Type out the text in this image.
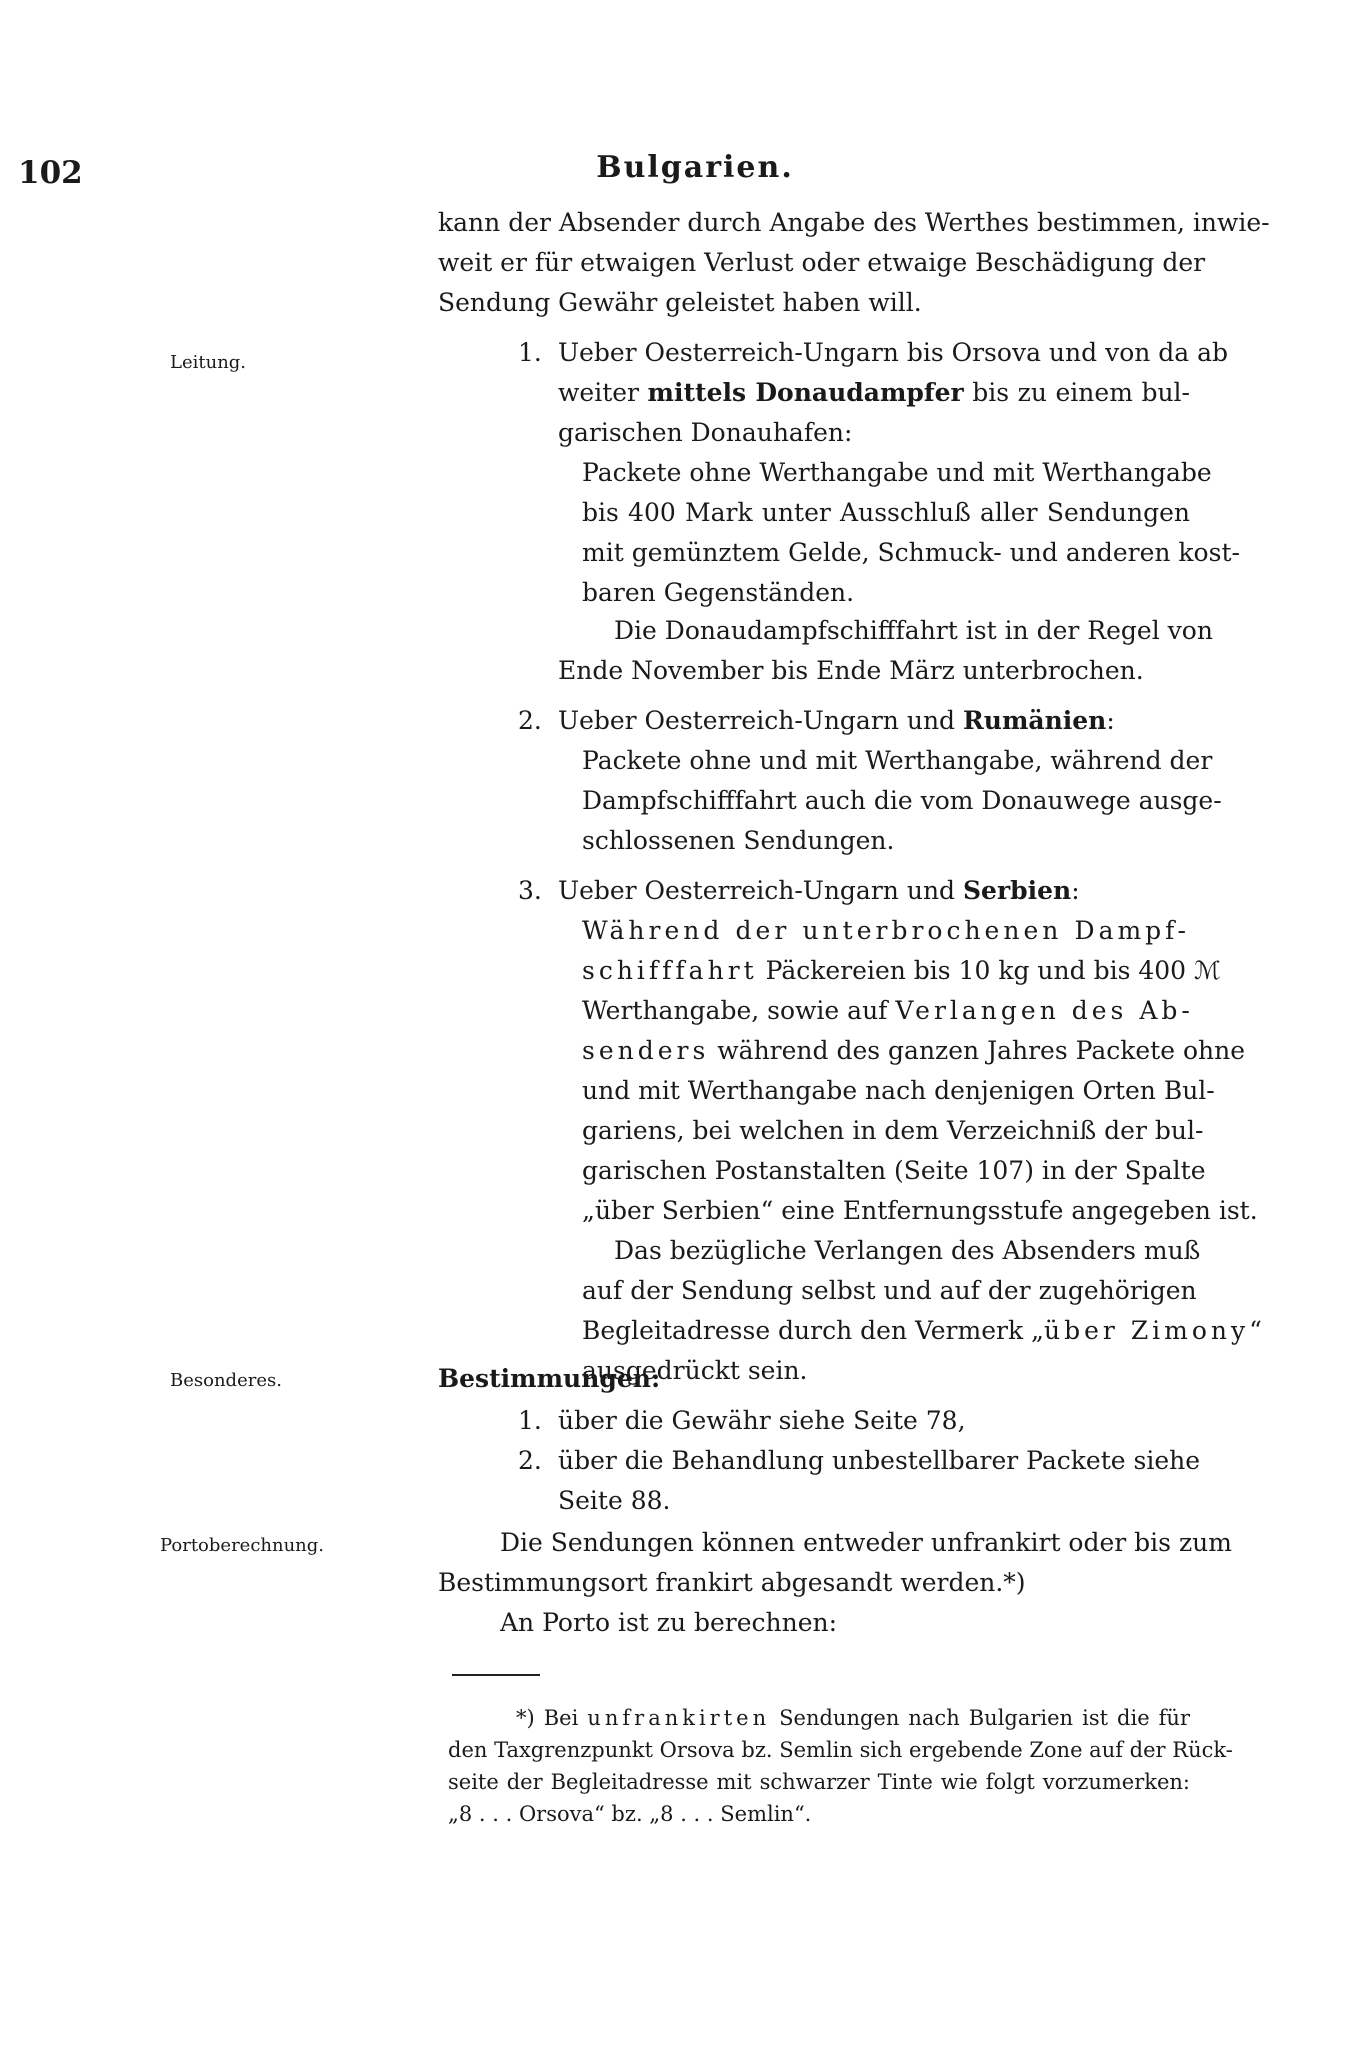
102	Bulgarien.
Leitung.
Besonderes.
Portoberechnung.
kann der Absender durch Angabe des Werthes bestimmen, inwie-
weit er für etwaigen Verlust oder etwaige Beschädigung der
Sendung Gewähr geleistet haben will.
1. Ueber Oesterreich-Ungarn bis Orsova und von da ab
weiter mittels Donaudampfer bis zu einem bul-
garischen Donauhafen:
Packete ohne Werthangabe und mit Werthangabe
bis 400 Mark unter Ausschluß aller Sendungen
mit gemünztem Gelde, Schmuck- und anderen kost-
baren Gegenständen.
Die Donaudampfschifffahrt ist in der Regel von
Ende November bis Ende März unterbrochen.
2. Ueber Oesterreich-Ungarn und Rumänien:
Packete ohne und mit Werthangabe, während der
Dampfschifffahrt auch die vom Donauwege ausge-
schlossenen Sendungen.
3. Ueber Oesterreich-Ungarn und Serbien:
Während der unterbrochenen Dampf-
schifffahrt Päckereien bis 10 kg und bis 400 ℳ
Werthangabe, sowie auf Verlangen des Ab-
senders während des ganzen Jahres Packete ohne
und mit Werthangabe nach denjenigen Orten Bul-
gariens, bei welchen in dem Verzeichniß der bul-
garischen Postanstalten (Seite 107) in der Spalte
„über Serbien“ eine Entfernungsstufe angegeben ist.
Das bezügliche Verlangen des Absenders muß
auf der Sendung selbst und auf der zugehörigen
Begleitadresse durch den Vermerk „über Zimony“
ausgedrückt sein.
Bestimmungen:
1. über die Gewähr siehe Seite 78,
2. über die Behandlung unbestellbarer Packete siehe
Seite 88.
Die Sendungen können entweder unfrankirt oder bis zum
Bestimmungsort frankirt abgesandt werden.*)
An Porto ist zu berechnen:
*) Bei unfrankirten Sendungen nach Bulgarien ist die für
den Taxgrenzpunkt Orsova bz. Semlin sich ergebende Zone auf der Rück-
seite der Begleitadresse mit schwarzer Tinte wie folgt vorzumerken:
„8 . . . Orsova“ bz. „8 . . . Semlin“.
